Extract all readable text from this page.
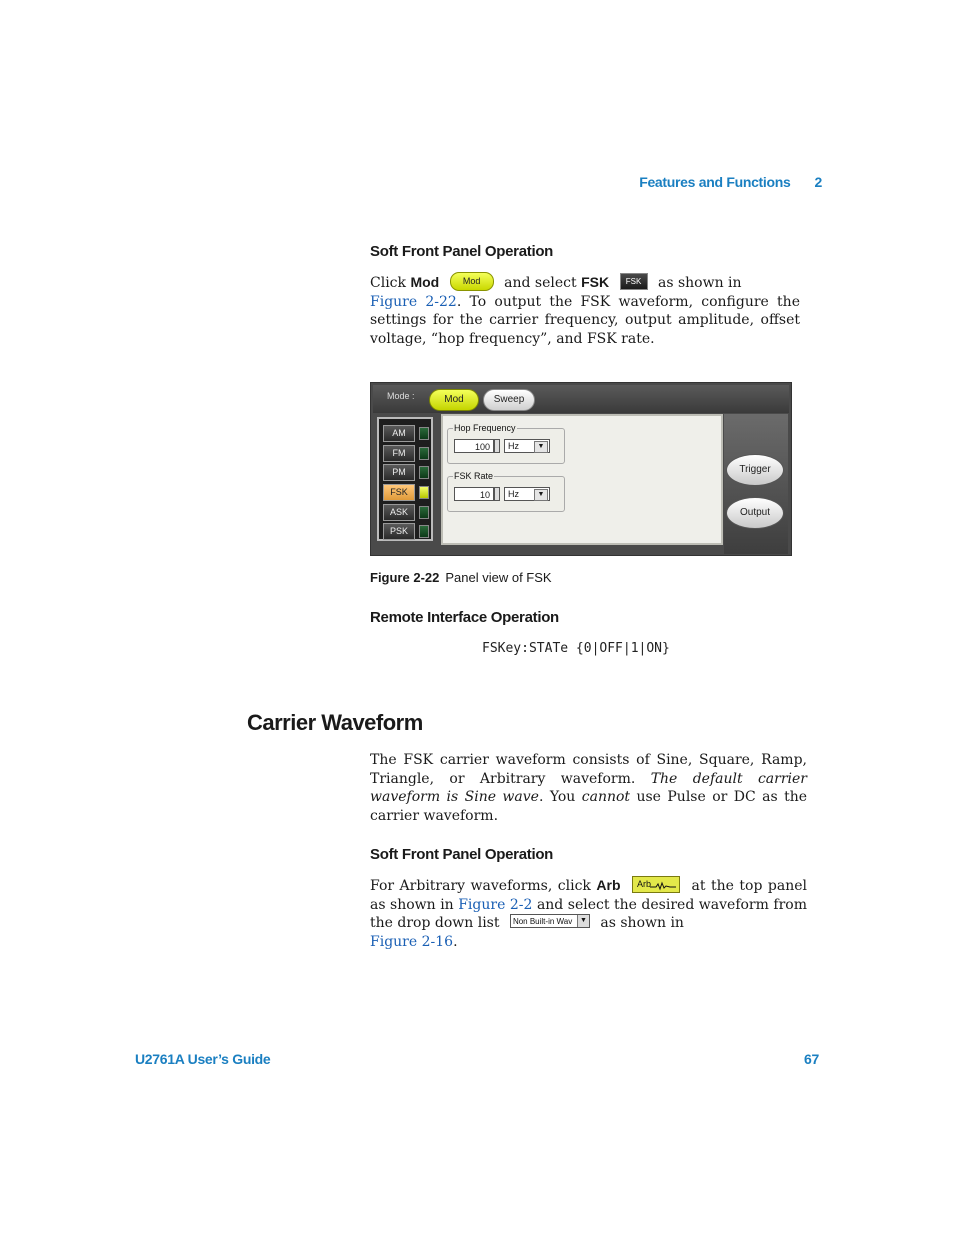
Features and Functions 2
Soft Front Panel Operation
Click Mod	Mod and select FSK FSK as shown in
Figure 2-22. To output the FSK waveform, configure the settings for the carrier frequency, output amplitude, offset voltage, “hop frequency”, and FSK rate.
Mode :	Mod	Sweep
AM
FM
PM
FSK
ASK
PSK
Hop Frequency
100	Hz	▼
FSK Rate
10	Hz	▼
Trigger
Output
Figure 2-22 Panel view of FSK
Remote Interface Operation
FSKey:STATe {0|OFF|1|ON}
Carrier Waveform
The FSK carrier waveform consists of Sine, Square, Ramp, Triangle, or Arbitrary waveform. The default carrier waveform is Sine wave. You cannot use Pulse or DC as the carrier waveform.
Soft Front Panel Operation
For Arbitrary waveforms, click Arb Arb	at the top panel as shown in Figure 2-2 and select the desired waveform from the drop down list Non Built-in Wav	▼ as shown in
Figure 2-16.
U2761A User’s Guide	67
